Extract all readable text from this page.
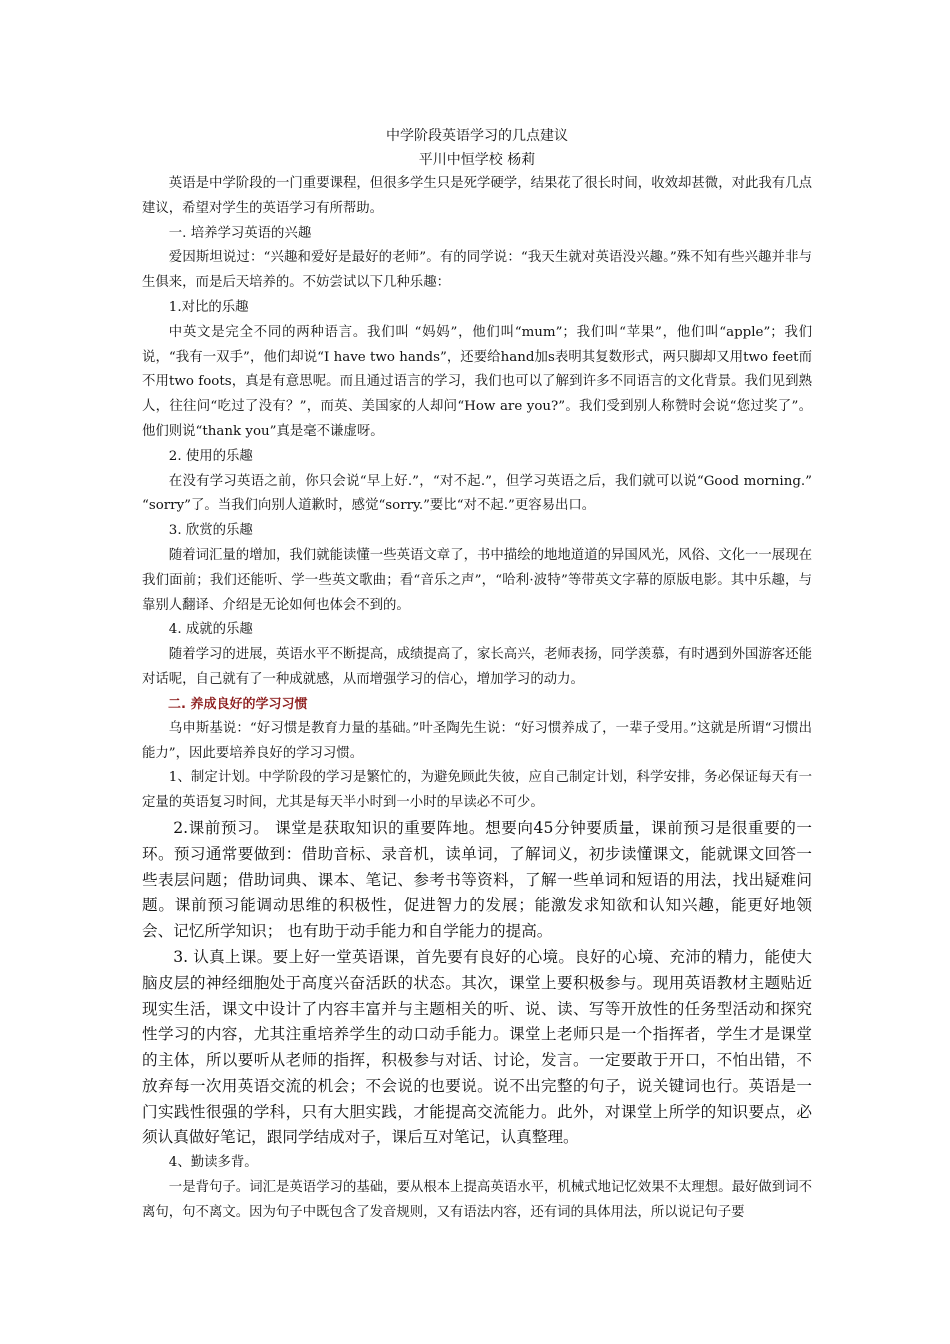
中学阶段英语学习的几点建议

平川中恒学校 杨莉

英语是中学阶段的一门重要课程，但很多学生只是死学硬学，结果花了很长时间，收效却甚微，对此我有几点建议，希望对学生的英语学习有所帮助。

一. 培养学习英语的兴趣

爱因斯坦说过：“兴趣和爱好是最好的老师”。有的同学说：“我天生就对英语没兴趣。”殊不知有些兴趣并非与生俱来，而是后天培养的。不妨尝试以下几种乐趣：

1.对比的乐趣

中英文是完全不同的两种语言。我们叫 “妈妈”，他们叫“mum”；我们叫“苹果”，他们叫“apple”；我们说，“我有一双手”，他们却说“I have two hands”，还要给hand加s表明其复数形式，两只脚却又用two feet而不用two foots，真是有意思呢。而且通过语言的学习，我们也可以了解到许多不同语言的文化背景。我们见到熟人，往往问“吃过了没有？”，而英、美国家的人却问“How are you?”。我们受到别人称赞时会说“您过奖了”。他们则说“thank you”真是毫不谦虚呀。

2. 使用的乐趣

在没有学习英语之前，你只会说“早上好.”，“对不起.”，但学习英语之后，我们就可以说“Good morning.” “sorry”了。当我们向别人道歉时，感觉“sorry.”要比“对不起.”更容易出口。

3. 欣赏的乐趣

随着词汇量的增加，我们就能读懂一些英语文章了，书中描绘的地地道道的异国风光，风俗、文化一一展现在我们面前；我们还能听、学一些英文歌曲；看“音乐之声”，“哈利·波特”等带英文字幕的原版电影。其中乐趣，与靠别人翻译、介绍是无论如何也体会不到的。

4. 成就的乐趣

随着学习的进展，英语水平不断提高，成绩提高了，家长高兴，老师表扬，同学羡慕，有时遇到外国游客还能对话呢，自己就有了一种成就感，从而增强学习的信心，增加学习的动力。

二. 养成良好的学习习惯

乌申斯基说：“好习惯是教育力量的基础。”叶圣陶先生说：“好习惯养成了，一辈子受用。”这就是所谓“习惯出能力”，因此要培养良好的学习习惯。

1、制定计划。中学阶段的学习是繁忙的，为避免顾此失彼，应自己制定计划，科学安排，务必保证每天有一定量的英语复习时间，尤其是每天半小时到一小时的早读必不可少。

2.课前预习。 课堂是获取知识的重要阵地。想要向45分钟要质量，课前预习是很重要的一环。预习通常要做到：借助音标、录音机，读单词，了解词义，初步读懂课文，能就课文回答一些表层问题；借助词典、课本、笔记、参考书等资料，了解一些单词和短语的用法，找出疑难问题。课前预习能调动思维的积极性，促进智力的发展；能激发求知欲和认知兴趣，能更好地领会、记忆所学知识； 也有助于动手能力和自学能力的提高。

3. 认真上课。要上好一堂英语课，首先要有良好的心境。良好的心境、充沛的精力，能使大脑皮层的神经细胞处于高度兴奋活跃的状态。其次，课堂上要积极参与。现用英语教材主题贴近现实生活，课文中设计了内容丰富并与主题相关的听、说、读、写等开放性的任务型活动和探究性学习的内容，尤其注重培养学生的动口动手能力。课堂上老师只是一个指挥者，学生才是课堂的主体，所以要听从老师的指挥，积极参与对话、讨论，发言。一定要敢于开口，不怕出错，不放弃每一次用英语交流的机会；不会说的也要说。说不出完整的句子，说关键词也行。英语是一门实践性很强的学科，只有大胆实践，才能提高交流能力。此外，对课堂上所学的知识要点，必须认真做好笔记，跟同学结成对子，课后互对笔记，认真整理。

4、勤读多背。

一是背句子。词汇是英语学习的基础，要从根本上提高英语水平，机械式地记忆效果不太理想。最好做到词不离句，句不离文。因为句子中既包含了发音规则，又有语法内容，还有词的具体用法，所以说记句子要
